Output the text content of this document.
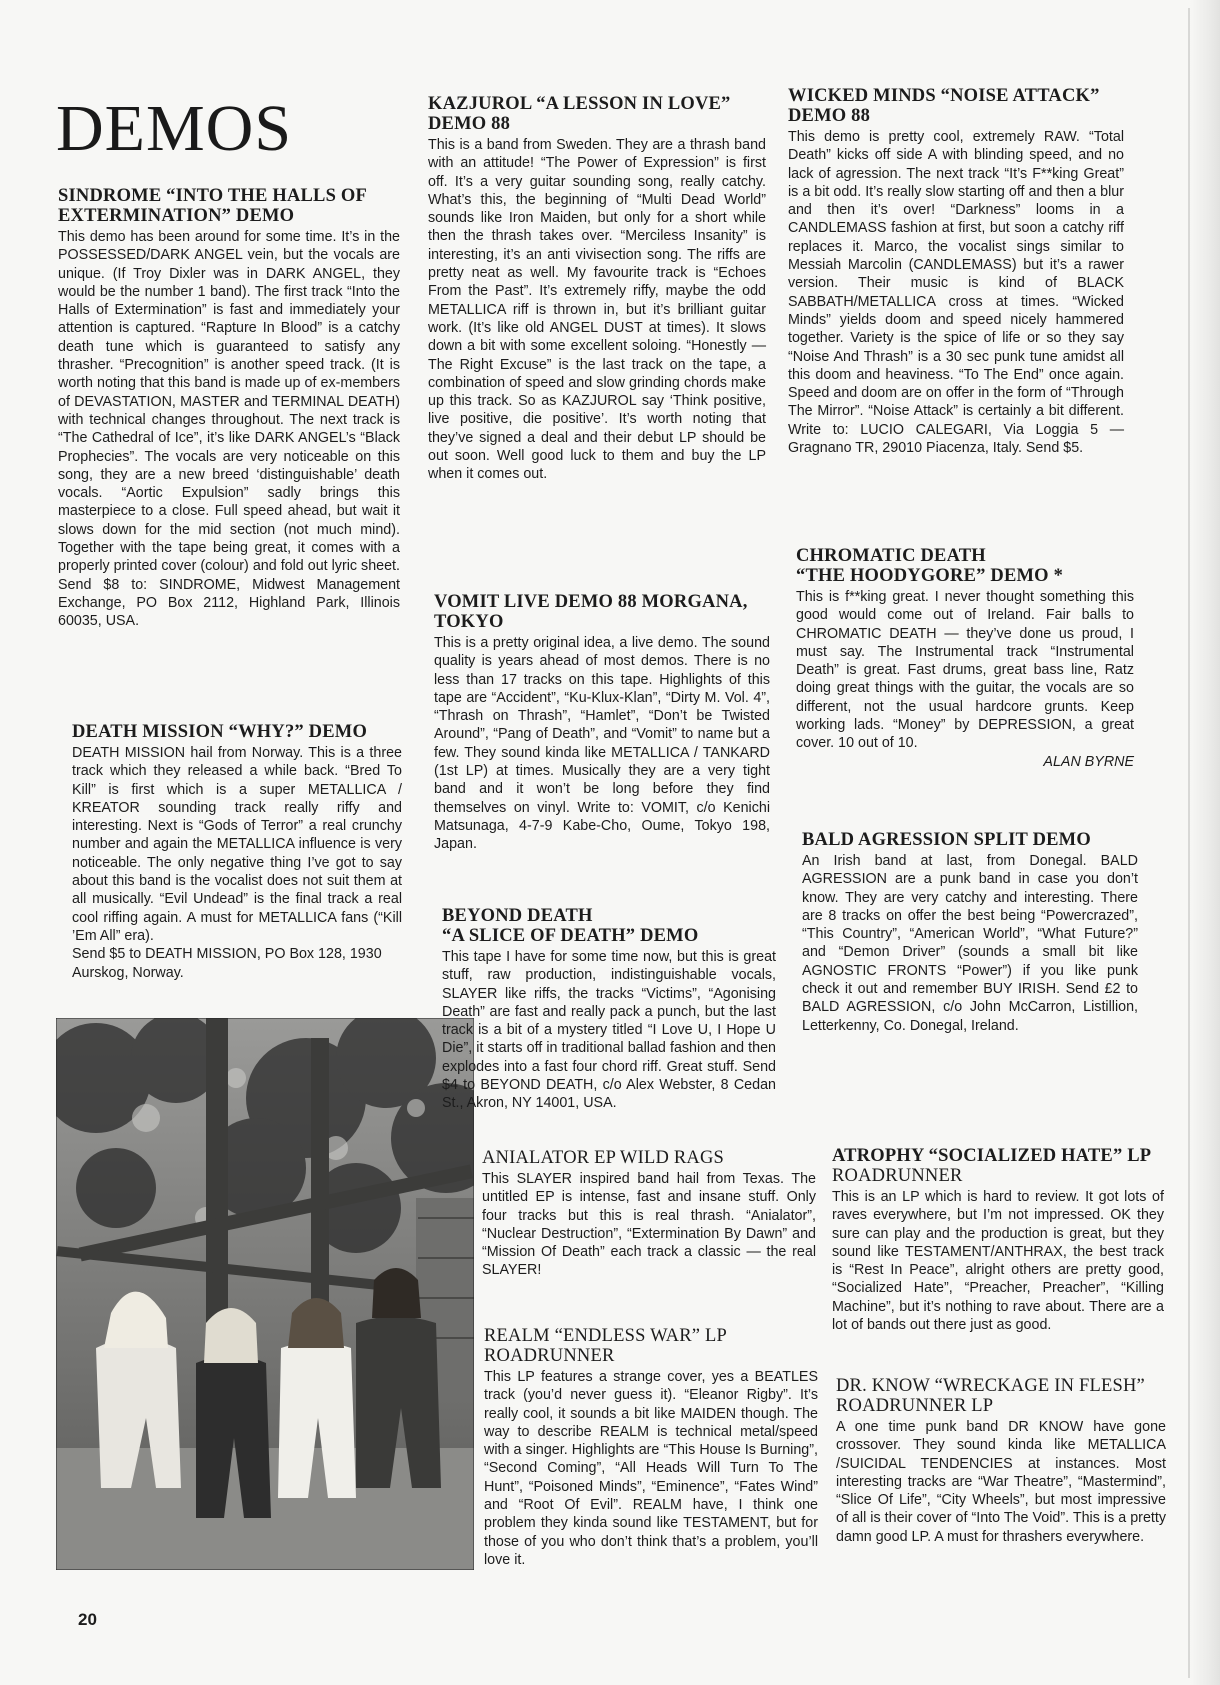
DEMOS
SINDROME “INTO THE HALLS OF
EXTERMINATION” DEMO

This demo has been around for some time. It’s in the POSSESSED/DARK ANGEL vein, but the vocals are unique. (If Troy Dixler was in DARK ANGEL, they would be the number 1 band). The first track “Into the Halls of Extermination” is fast and immediately your attention is captured. “Rapture In Blood” is a catchy death tune which is guaranteed to satisfy any thrasher. “Precognition” is another speed track. (It is worth noting that this band is made up of ex-members of DEVASTATION, MASTER and TERMINAL DEATH) with technical changes throughout. The next track is “The Cathedral of Ice”, it’s like DARK ANGEL’s “Black Prophecies”. The vocals are very noticeable on this song, they are a new breed ‘distinguishable’ death vocals. “Aortic Expulsion” sadly brings this masterpiece to a close. Full speed ahead, but wait it slows down for the mid section (not much mind). Together with the tape being great, it comes with a properly printed cover (colour) and fold out lyric sheet. Send $8 to: SINDROME, Midwest Management Exchange, PO Box 2112, Highland Park, Illinois 60035, USA.

DEATH MISSION “WHY?” DEMO

DEATH MISSION hail from Norway. This is a three track which they released a while back. “Bred To Kill” is first which is a super METALLICA / KREATOR sounding track really riffy and interesting. Next is “Gods of Terror” a real crunchy number and again the METALLICA influence is very noticeable. The only negative thing I’ve got to say about this band is the vocalist does not suit them at all musically. “Evil Undead” is the final track a real cool riffing again. A must for METALLICA fans (“Kill ’Em All” era).

Send $5 to DEATH MISSION, PO Box 128, 1930 Aurskog, Norway.

20
KAZJUROL “A LESSON IN LOVE”
DEMO 88

This is a band from Sweden. They are a thrash band with an attitude! “The Power of Expression” is first off. It’s a very guitar sounding song, really catchy. What’s this, the beginning of “Multi Dead World” sounds like Iron Maiden, but only for a short while then the thrash takes over. “Merciless Insanity” is interesting, it’s an anti vivisection song. The riffs are pretty neat as well. My favourite track is “Echoes From the Past”. It’s extremely riffy, maybe the odd METALLICA riff is thrown in, but it’s brilliant guitar work. (It’s like old ANGEL DUST at times). It slows down a bit with some excellent soloing. “Honestly — The Right Excuse” is the last track on the tape, a combination of speed and slow grinding chords make up this track. So as KAZJUROL say ‘Think positive, live positive, die positive’. It’s worth noting that they’ve signed a deal and their debut LP should be out soon. Well good luck to them and buy the LP when it comes out.

VOMIT LIVE DEMO 88 MORGANA,
TOKYO

This is a pretty original idea, a live demo. The sound quality is years ahead of most demos. There is no less than 17 tracks on this tape. Highlights of this tape are “Accident”, “Ku-Klux-Klan”, “Dirty M. Vol. 4”, “Thrash on Thrash”, “Hamlet”, “Don’t be Twisted Around”, “Pang of Death”, and “Vomit” to name but a few. They sound kinda like METALLICA / TANKARD (1st LP) at times. Musically they are a very tight band and it won’t be long before they find themselves on vinyl. Write to: VOMIT, c/o Kenichi Matsunaga, 4-7-9 Kabe-Cho, Oume, Tokyo 198, Japan.

BEYOND DEATH
“A SLICE OF DEATH” DEMO

This tape I have for some time now, but this is great stuff, raw production, indistinguishable vocals, SLAYER like riffs, the tracks “Victims”, “Agonising Death” are fast and really pack a punch, but the last track is a bit of a mystery titled “I Love U, I Hope U Die”, it starts off in traditional ballad fashion and then explodes into a fast four chord riff. Great stuff. Send $4 to BEYOND DEATH, c/o Alex Webster, 8 Cedan St., Akron, NY 14001, USA.

ANIALATOR EP WILD RAGS

This SLAYER inspired band hail from Texas. The untitled EP is intense, fast and insane stuff. Only four tracks but this is real thrash. “Anialator”, “Nuclear Destruction”, “Extermination By Dawn” and “Mission Of Death” each track a classic — the real SLAYER!

REALM “ENDLESS WAR” LP
ROADRUNNER

This LP features a strange cover, yes a BEATLES track (you’d never guess it). “Eleanor Rigby”. It’s really cool, it sounds a bit like MAIDEN though. The way to describe REALM is technical metal/speed with a singer. Highlights are “This House Is Burning”, “Second Coming”, “All Heads Will Turn To The Hunt”, “Poisoned Minds”, “Eminence”, “Fates Wind” and “Root Of Evil”. REALM have, I think one problem they kinda sound like TESTAMENT, but for those of you who don’t think that’s a problem, you’ll love it.

WICKED MINDS “NOISE ATTACK”
DEMO 88

This demo is pretty cool, extremely RAW. “Total Death” kicks off side A with blinding speed, and no lack of agression. The next track “It’s F**king Great” is a bit odd. It’s really slow starting off and then a blur and then it’s over! “Darkness” looms in a CANDLEMASS fashion at first, but soon a catchy riff replaces it. Marco, the vocalist sings similar to Messiah Marcolin (CANDLEMASS) but it’s a rawer version. Their music is kind of BLACK SABBATH/METALLICA cross at times. “Wicked Minds” yields doom and speed nicely hammered together. Variety is the spice of life or so they say “Noise And Thrash” is a 30 sec punk tune amidst all this doom and heaviness. “To The End” once again. Speed and doom are on offer in the form of “Through The Mirror”. “Noise Attack” is certainly a bit different. Write to: LUCIO CALEGARI, Via Loggia 5 — Gragnano TR, 29010 Piacenza, Italy. Send $5.

CHROMATIC DEATH
“THE HOODYGORE” DEMO *

This is f**king great. I never thought something this good would come out of Ireland. Fair balls to CHROMATIC DEATH — they’ve done us proud, I must say. The Instrumental track “Instrumental Death” is great. Fast drums, great bass line, Ratz doing great things with the guitar, the vocals are so different, not the usual hardcore grunts. Keep working lads. “Money” by DEPRESSION, a great cover. 10 out of 10.

ALAN BYRNE

BALD AGRESSION SPLIT DEMO

An Irish band at last, from Donegal. BALD AGRESSION are a punk band in case you don’t know. They are very catchy and interesting. There are 8 tracks on offer the best being “Powercrazed”, “This Country”, “American World”, “What Future?” and “Demon Driver” (sounds a small bit like AGNOSTIC FRONTS “Power”) if you like punk check it out and remember BUY IRISH. Send £2 to BALD AGRESSION, c/o John McCarron, Listillion, Letterkenny, Co. Donegal, Ireland.

ATROPHY “SOCIALIZED HATE” LP
ROADRUNNER

This is an LP which is hard to review. It got lots of raves everywhere, but I’m not impressed. OK they sure can play and the production is great, but they sound like TESTAMENT/ANTHRAX, the best track is “Rest In Peace”, alright others are pretty good, “Socialized Hate”, “Preacher, Preacher”, “Killing Machine”, but it’s nothing to rave about. There are a lot of bands out there just as good.

DR. KNOW “WRECKAGE IN FLESH”
ROADRUNNER LP

A one time punk band DR KNOW have gone crossover. They sound kinda like METALLICA /SUICIDAL TENDENCIES at instances. Most interesting tracks are “War Theatre”, “Mastermind”, “Slice Of Life”, “City Wheels”, but most impressive of all is their cover of “Into The Void”. This is a pretty damn good LP. A must for thrashers everywhere.
